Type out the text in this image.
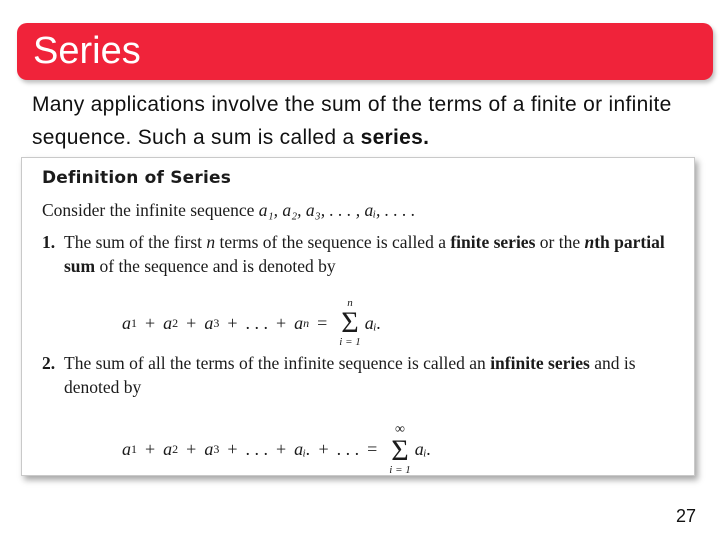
Series
Many applications involve the sum of the terms of a finite or infinite sequence. Such a sum is called a series.
Definition of Series
Consider the infinite sequence a₁, a₂, a₃, . . . , aᵢ, . . . .
1. The sum of the first n terms of the sequence is called a finite series or the nth partial sum of the sequence and is denoted by
a 1 + a 2 + a 3 + . . . + a n =
n
Σ
i = 1
aᵢ.
2. The sum of all the terms of the infinite sequence is called an infinite series and is denoted by
a 1 + a 2 + a 3 + . . . + aᵢ. + . . . =
∞
Σ
i = 1
aᵢ.
27
